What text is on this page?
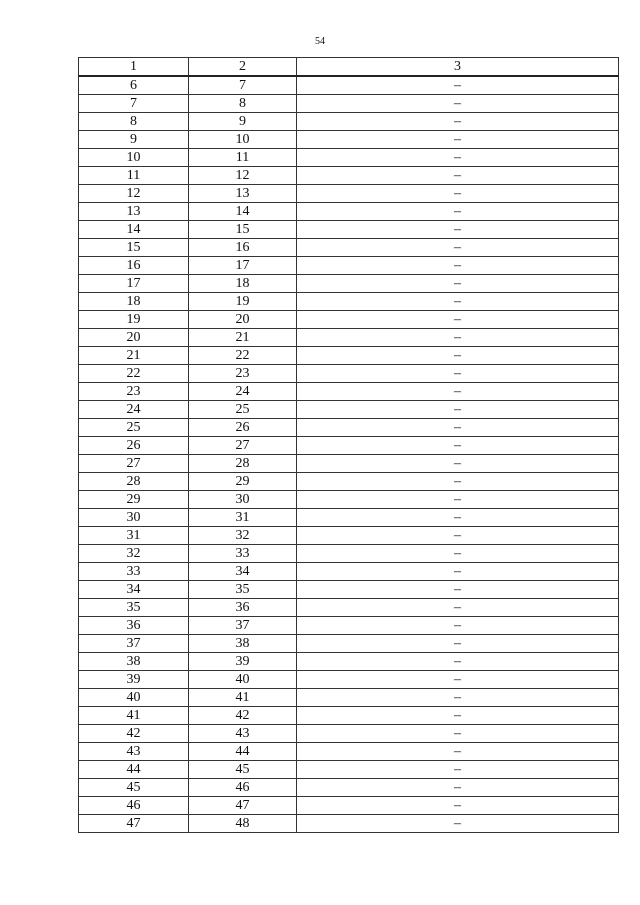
54
1	2	3
6	7	–
7	8	–
8	9	–
9	10	–
10	11	–
11	12	–
12	13	–
13	14	–
14	15	–
15	16	–
16	17	–
17	18	–
18	19	–
19	20	–
20	21	–
21	22	–
22	23	–
23	24	–
24	25	–
25	26	–
26	27	–
27	28	–
28	29	–
29	30	–
30	31	–
31	32	–
32	33	–
33	34	–
34	35	–
35	36	–
36	37	–
37	38	–
38	39	–
39	40	–
40	41	–
41	42	–
42	43	–
43	44	–
44	45	–
45	46	–
46	47	–
47	48	–
